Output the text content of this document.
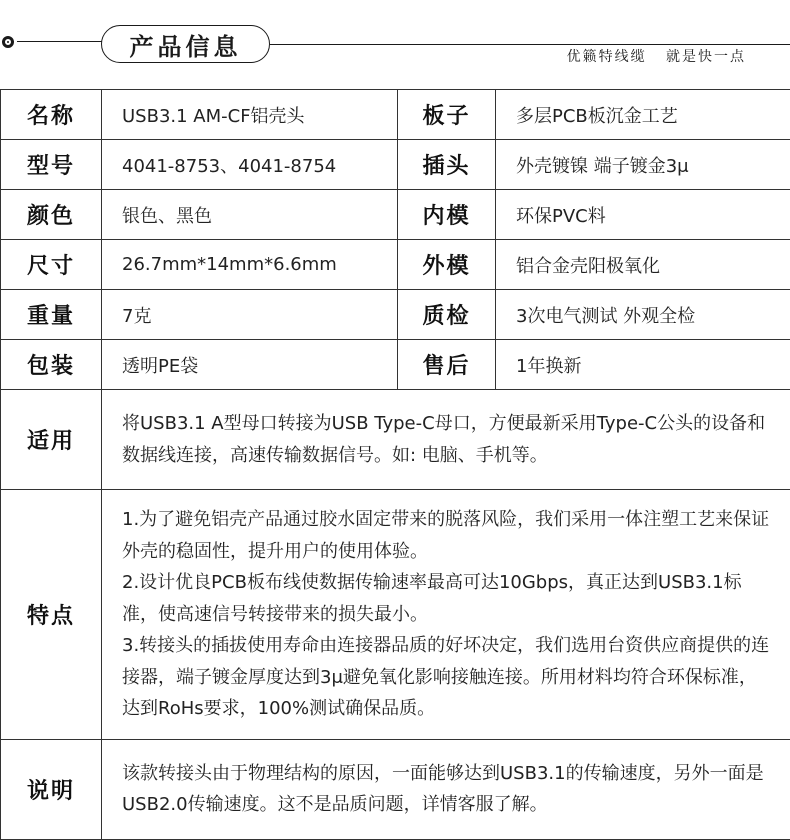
产品信息	优籁特线缆   就是快一点
名称	USB3.1 AM-CF铝壳头	板子	多层PCB板沉金工艺
型号	4041-8753、4041-8754	插头	外壳镀镍 端子镀金3μ
颜色	银色、黑色	内模	环保PVC料
尺寸	26.7mm*14mm*6.6mm	外模	铝合金壳阳极氧化
重量	7克	质检	3次电气测试 外观全检
包装	透明PE袋	售后	1年换新
适用	将USB3.1 A型母口转接为USB Type-C母口，方便最新采用Type-C公头的设备和数据线连接，高速传输数据信号。如: 电脑、手机等。		
特点	1.为了避免铝壳产品通过胶水固定带来的脱落风险，我们采用一体注塑工艺来保证外壳的稳固性，提升用户的使用体验。

2.设计优良PCB板布线使数据传输速率最高可达10Gbps，真正达到USB3.1标准，使高速信号转接带来的损失最小。

3.转接头的插拔使用寿命由连接器品质的好坏决定，我们选用台资供应商提供的连接器，端子镀金厚度达到3μ避免氧化影响接触连接。所用材料均符合环保标准，达到RoHs要求，100%测试确保品质。		

说明	该款转接头由于物理结构的原因，一面能够达到USB3.1的传输速度，另外一面是USB2.0传输速度。这不是品质问题，详情客服了解。		
